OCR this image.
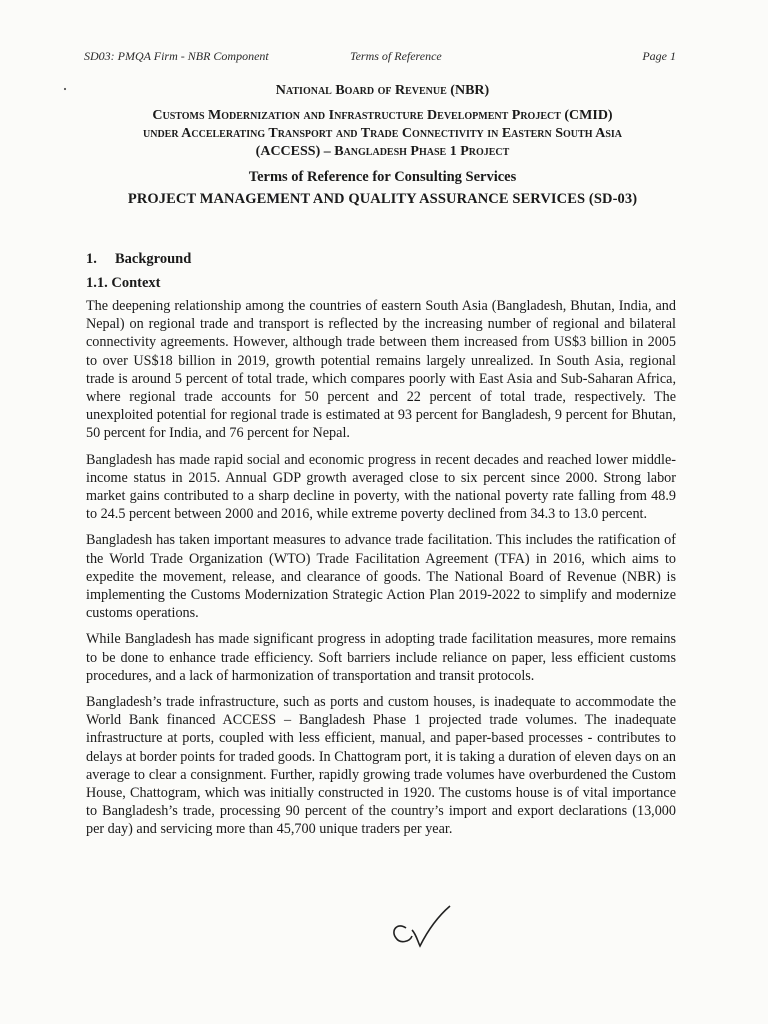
SD03: PMQA Firm - NBR Component	Terms of Reference	Page 1

National Board of Revenue (NBR)

Customs Modernization and Infrastructure Development Project (CMID)

under Accelerating Transport and Trade Connectivity in Eastern South Asia

(ACCESS) – Bangladesh Phase 1 Project

Terms of Reference for Consulting Services

PROJECT MANAGEMENT AND QUALITY ASSURANCE SERVICES (SD-03)

1. Background
1.1. Context

The deepening relationship among the countries of eastern South Asia (Bangladesh, Bhutan, India, and Nepal) on regional trade and transport is reflected by the increasing number of regional and bilateral connectivity agreements. However, although trade between them increased from US$3 billion in 2005 to over US$18 billion in 2019, growth potential remains largely unrealized. In South Asia, regional trade is around 5 percent of total trade, which compares poorly with East Asia and Sub-Saharan Africa, where regional trade accounts for 50 percent and 22 percent of total trade, respectively. The unexploited potential for regional trade is estimated at 93 percent for Bangladesh, 9 percent for Bhutan, 50 percent for India, and 76 percent for Nepal.

Bangladesh has made rapid social and economic progress in recent decades and reached lower middle-income status in 2015. Annual GDP growth averaged close to six percent since 2000. Strong labor market gains contributed to a sharp decline in poverty, with the national poverty rate falling from 48.9 to 24.5 percent between 2000 and 2016, while extreme poverty declined from 34.3 to 13.0 percent.

Bangladesh has taken important measures to advance trade facilitation. This includes the ratification of the World Trade Organization (WTO) Trade Facilitation Agreement (TFA) in 2016, which aims to expedite the movement, release, and clearance of goods. The National Board of Revenue (NBR) is implementing the Customs Modernization Strategic Action Plan 2019-2022 to simplify and modernize customs operations.

While Bangladesh has made significant progress in adopting trade facilitation measures, more remains to be done to enhance trade efficiency. Soft barriers include reliance on paper, less efficient customs procedures, and a lack of harmonization of transportation and transit protocols.

Bangladesh’s trade infrastructure, such as ports and custom houses, is inadequate to accommodate the World Bank financed ACCESS – Bangladesh Phase 1 projected trade volumes. The inadequate infrastructure at ports, coupled with less efficient, manual, and paper-based processes - contributes to delays at border points for traded goods. In Chattogram port, it is taking a duration of eleven days on an average to clear a consignment. Further, rapidly growing trade volumes have overburdened the Custom House, Chattogram, which was initially constructed in 1920. The customs house is of vital importance to Bangladesh’s trade, processing 90 percent of the country’s import and export declarations (13,000 per day) and servicing more than 45,700 unique traders per year.
